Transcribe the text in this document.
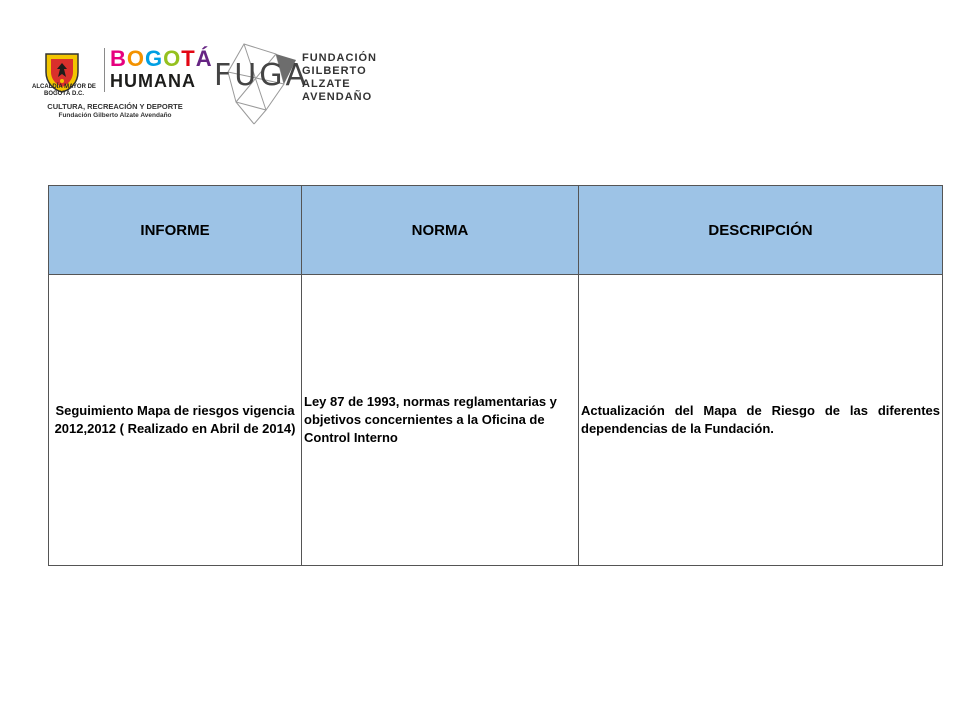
ALCALDÍA MAYOR DE BOGOTÁ D.C.
BOGOTÁ
HUMANA
CULTURA, RECREACIÓN Y DEPORTE
Fundación Gilberto Alzate Avendaño
FUGA
FUNDACIÓN
GILBERTO
ALZATE
AVENDAÑO
INFORME	NORMA	DESCRIPCIÓN
Seguimiento Mapa de riesgos vigencia 2012,2012 ( Realizado en Abril de 2014)	Ley 87 de 1993, normas reglamentarias y objetivos concernientes a la Oficina de Control Interno	Actualización del Mapa de Riesgo de las diferentes dependencias de la Fundación.
